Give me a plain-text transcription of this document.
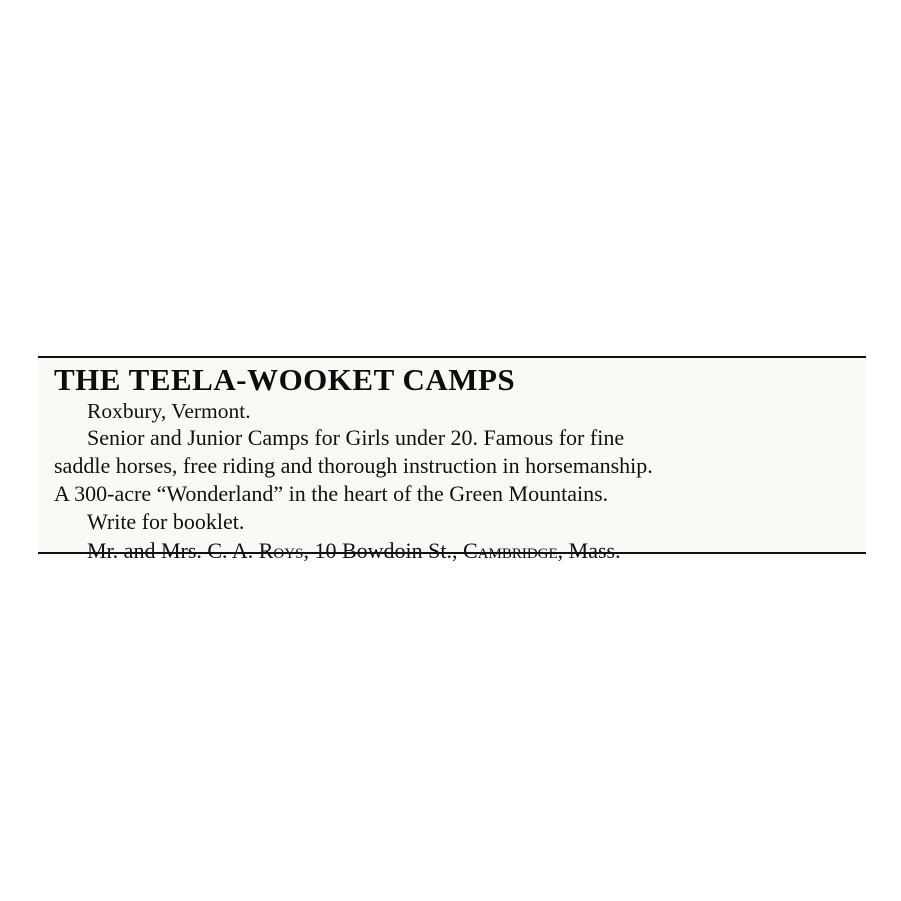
THE TEELA-WOOKET CAMPS
Roxbury, Vermont.
Senior and Junior Camps for Girls under 20. Famous for fine
saddle horses, free riding and thorough instruction in horsemanship.
A 300-acre “Wonderland” in the heart of the Green Mountains.
Write for booklet.
Mr. and Mrs. C. A. Roys, 10 Bowdoin St., Cambridge, Mass.
